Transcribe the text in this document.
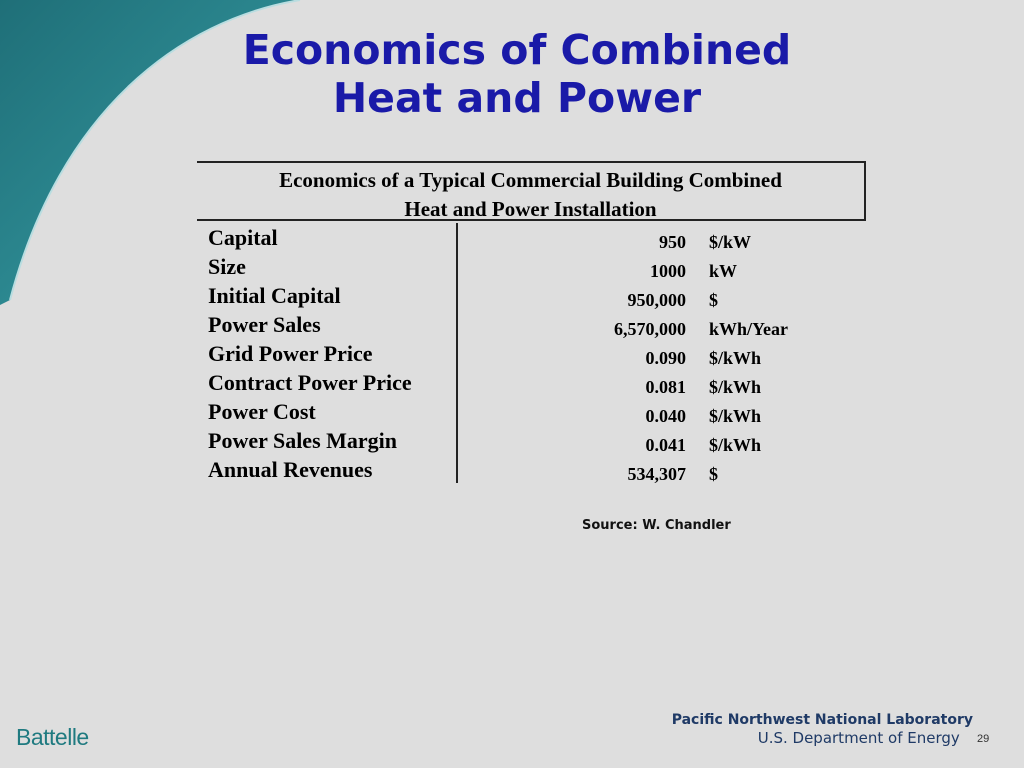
Economics of Combined
Heat and Power
Economics of a Typical Commercial Building Combined
Heat and Power Installation
Capital	950 $/kW
Size	1000 kW
Initial Capital	950,000 $
Power Sales	6,570,000 kWh/Year
Grid Power Price	0.090 $/kWh
Contract Power Price	0.081 $/kWh
Power Cost	0.040 $/kWh
Power Sales Margin	0.041 $/kWh
Annual Revenues	534,307 $
Source: W. Chandler
Battelle
Pacific Northwest National Laboratory
U.S. Department of Energy	29
